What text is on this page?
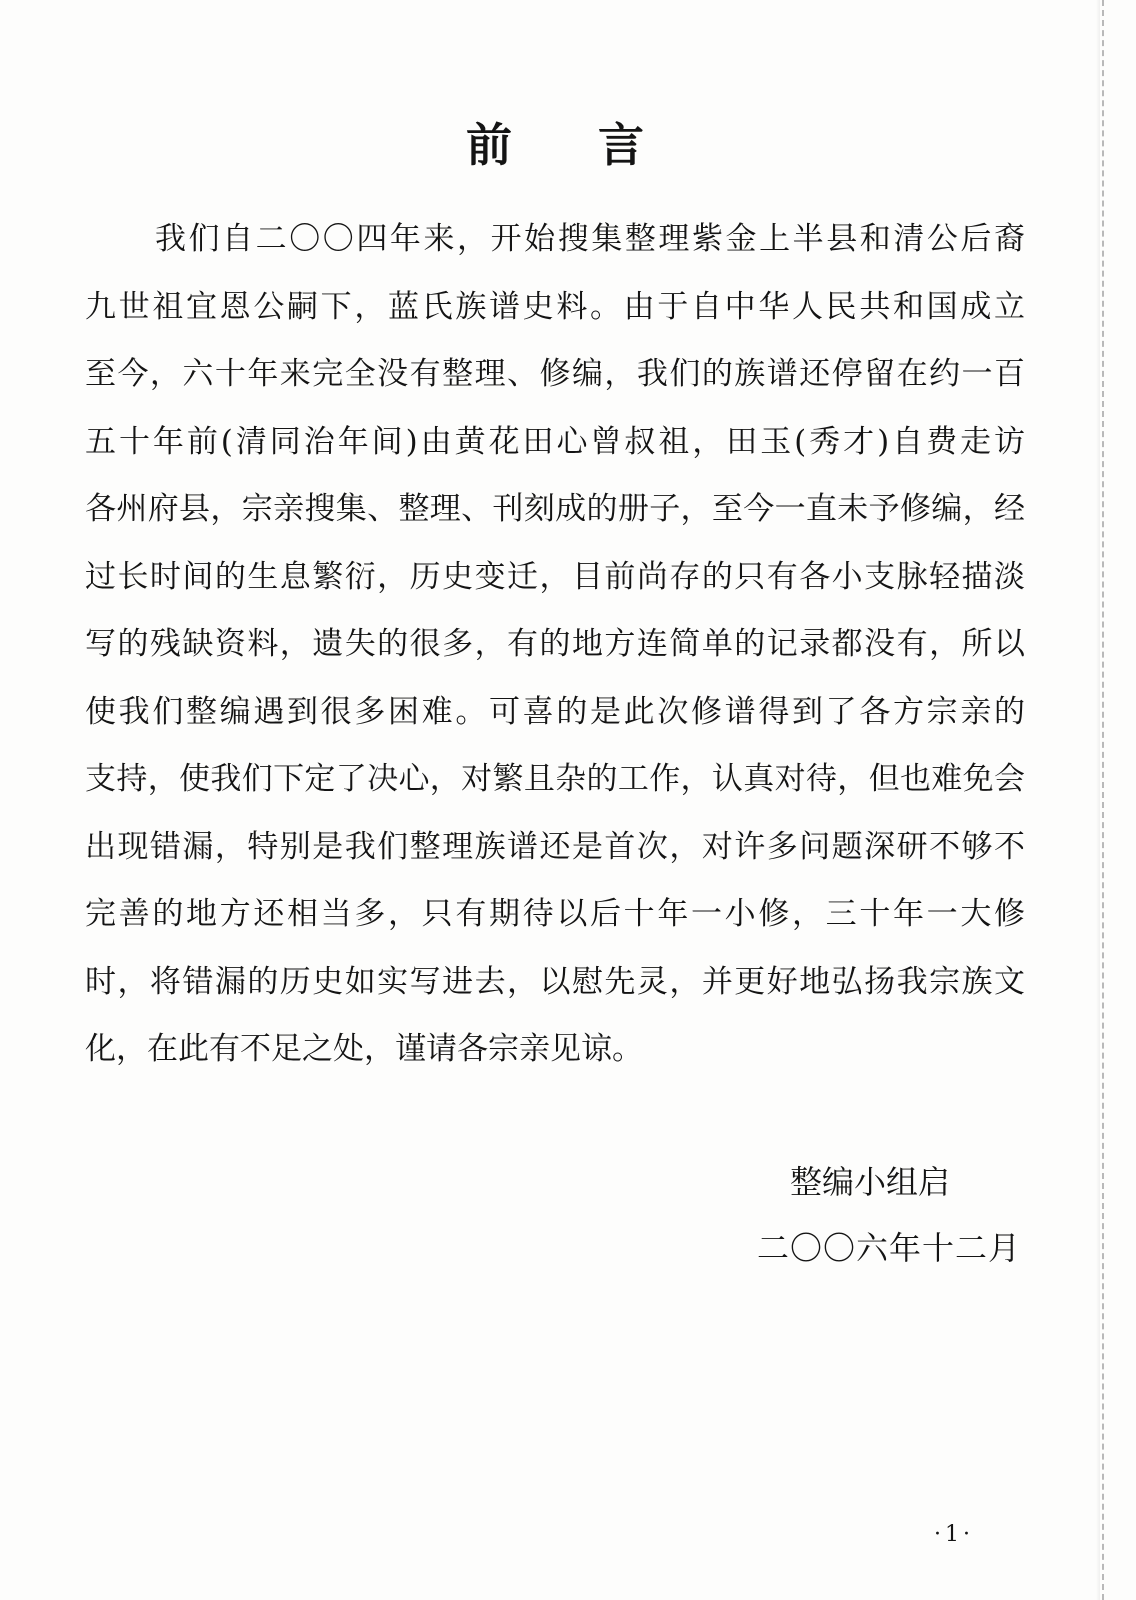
前言
我们自二〇〇四年来，开始搜集整理紫金上半县和清公后裔
九世祖宜恩公嗣下，蓝氏族谱史料。由于自中华人民共和国成立
至今，六十年来完全没有整理、修编，我们的族谱还停留在约一百
五十年前(清同治年间)由黄花田心曾叔祖，田玉(秀才)自费走访
各州府县，宗亲搜集、整理、刊刻成的册子，至今一直未予修编，经
过长时间的生息繁衍，历史变迁，目前尚存的只有各小支脉轻描淡
写的残缺资料，遗失的很多，有的地方连简单的记录都没有，所以
使我们整编遇到很多困难。可喜的是此次修谱得到了各方宗亲的
支持，使我们下定了决心，对繁且杂的工作，认真对待，但也难免会
出现错漏，特别是我们整理族谱还是首次，对许多问题深研不够不
完善的地方还相当多，只有期待以后十年一小修，三十年一大修
时，将错漏的历史如实写进去，以慰先灵，并更好地弘扬我宗族文
化，在此有不足之处，谨请各宗亲见谅。
整编小组启
二〇〇六年十二月
·1·
